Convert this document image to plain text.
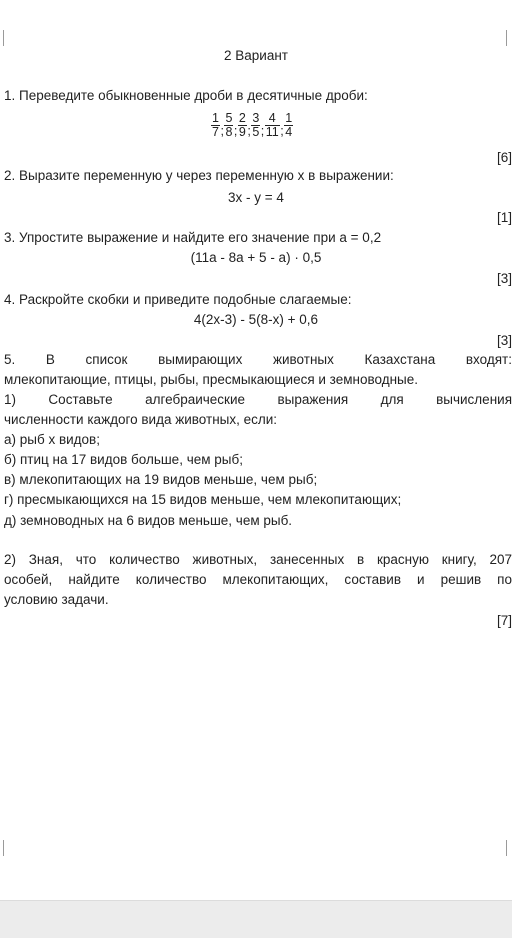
2 Вариант
1. Переведите обыкновенные дроби в десятичные дроби:
$\frac{1}{7}$ ; $\frac{5}{8}$ ; $\frac{2}{9}$ ; $\frac{3}{5}$ ; $\frac{4}{11}$ ; $\frac{1}{4}$
[6]
2. Выразите переменную у через переменную х в выражении:
3х - у = 4
[1]
3. Упростите выражение и найдите его значение при а = 0,2
(11а - 8а + 5 - а) · 0,5
[3]
4. Раскройте скобки и приведите подобные слагаемые:
4(2х-3) - 5(8-х) + 0,6
[3]
5. В список вымирающих животных Казахстана входят:
млекопитающие, птицы, рыбы, пресмыкающиеся и земноводные.
1) Составьте алгебраические выражения для вычисления
численности каждого вида животных, если:
а) рыб х видов;
б) птиц на 17 видов больше, чем рыб;
в) млекопитающих на 19 видов меньше, чем рыб;
г) пресмыкающихся на 15 видов меньше, чем млекопитающих;
д) земноводных на 6 видов меньше, чем рыб.
2) Зная, что количество животных, занесенных в красную книгу, 207
особей, найдите количество млекопитающих, составив и решив по
условию задачи.
[7]
